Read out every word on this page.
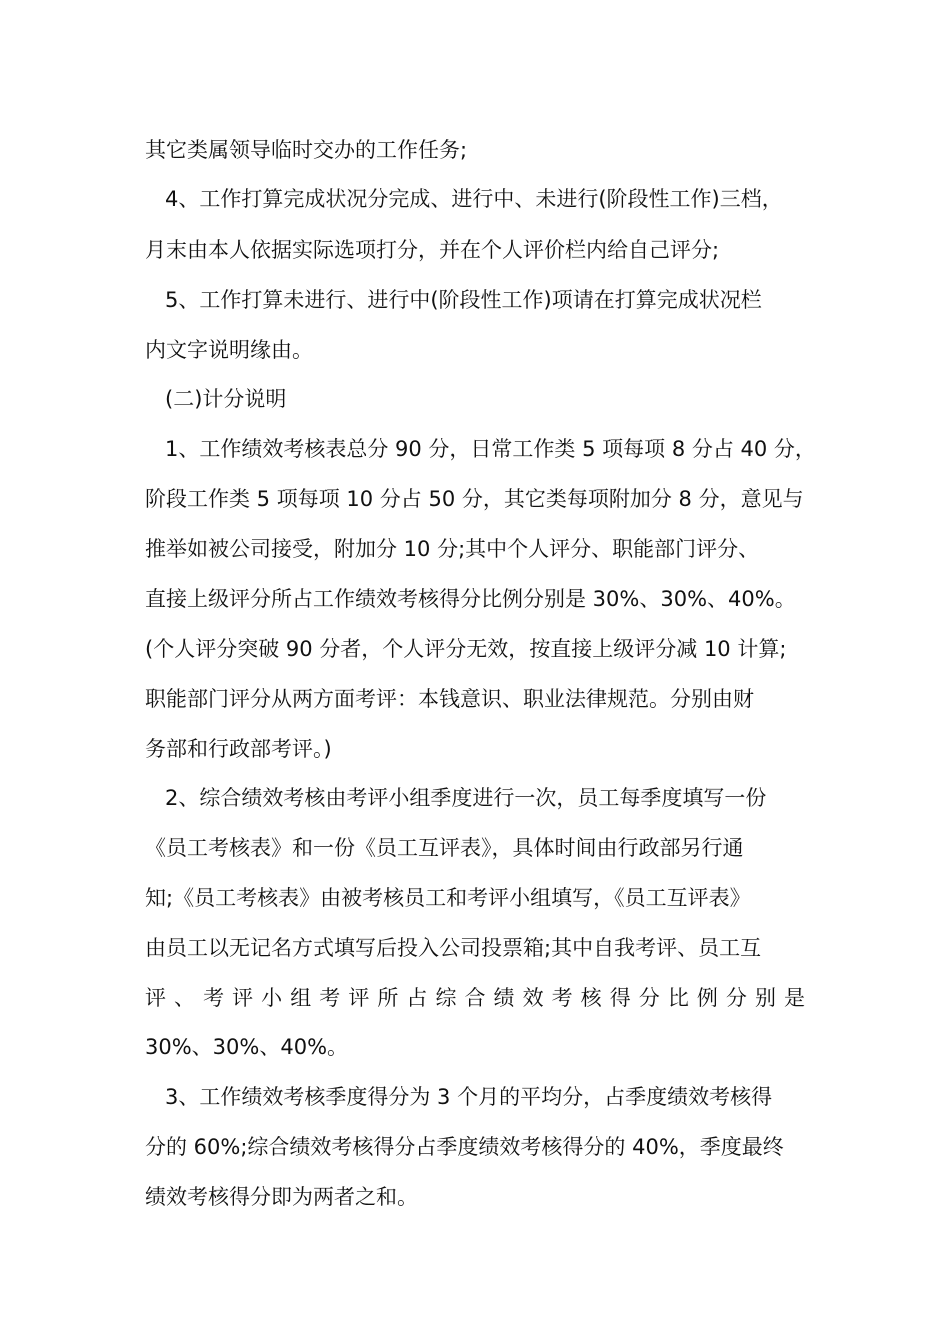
其它类属领导临时交办的工作任务;

4、工作打算完成状况分完成、进行中、未进行(阶段性工作)三档，

月末由本人依据实际选项打分，并在个人评价栏内给自己评分;

5、工作打算未进行、进行中(阶段性工作)项请在打算完成状况栏

内文字说明缘由。

(二)计分说明

1、工作绩效考核表总分 90 分，日常工作类 5 项每项 8 分占 40 分，

阶段工作类 5 项每项 10 分占 50 分，其它类每项附加分 8 分，意见与

推举如被公司接受，附加分 10 分;其中个人评分、职能部门评分、

直接上级评分所占工作绩效考核得分比例分别是 30%、30%、40%。

(个人评分突破 90 分者，个人评分无效，按直接上级评分减 10 计算;

职能部门评分从两方面考评：本钱意识、职业法律规范。分别由财

务部和行政部考评。)

2、综合绩效考核由考评小组季度进行一次，员工每季度填写一份

《员工考核表》和一份《员工互评表》，具体时间由行政部另行通

知;《员工考核表》由被考核员工和考评小组填写，《员工互评表》

由员工以无记名方式填写后投入公司投票箱;其中自我考评、员工互

评、考评小组考评所占综合绩效考核得分比例分别是

30%、30%、40%。

3、工作绩效考核季度得分为 3 个月的平均分，占季度绩效考核得

分的 60%;综合绩效考核得分占季度绩效考核得分的 40%，季度最终

绩效考核得分即为两者之和。
